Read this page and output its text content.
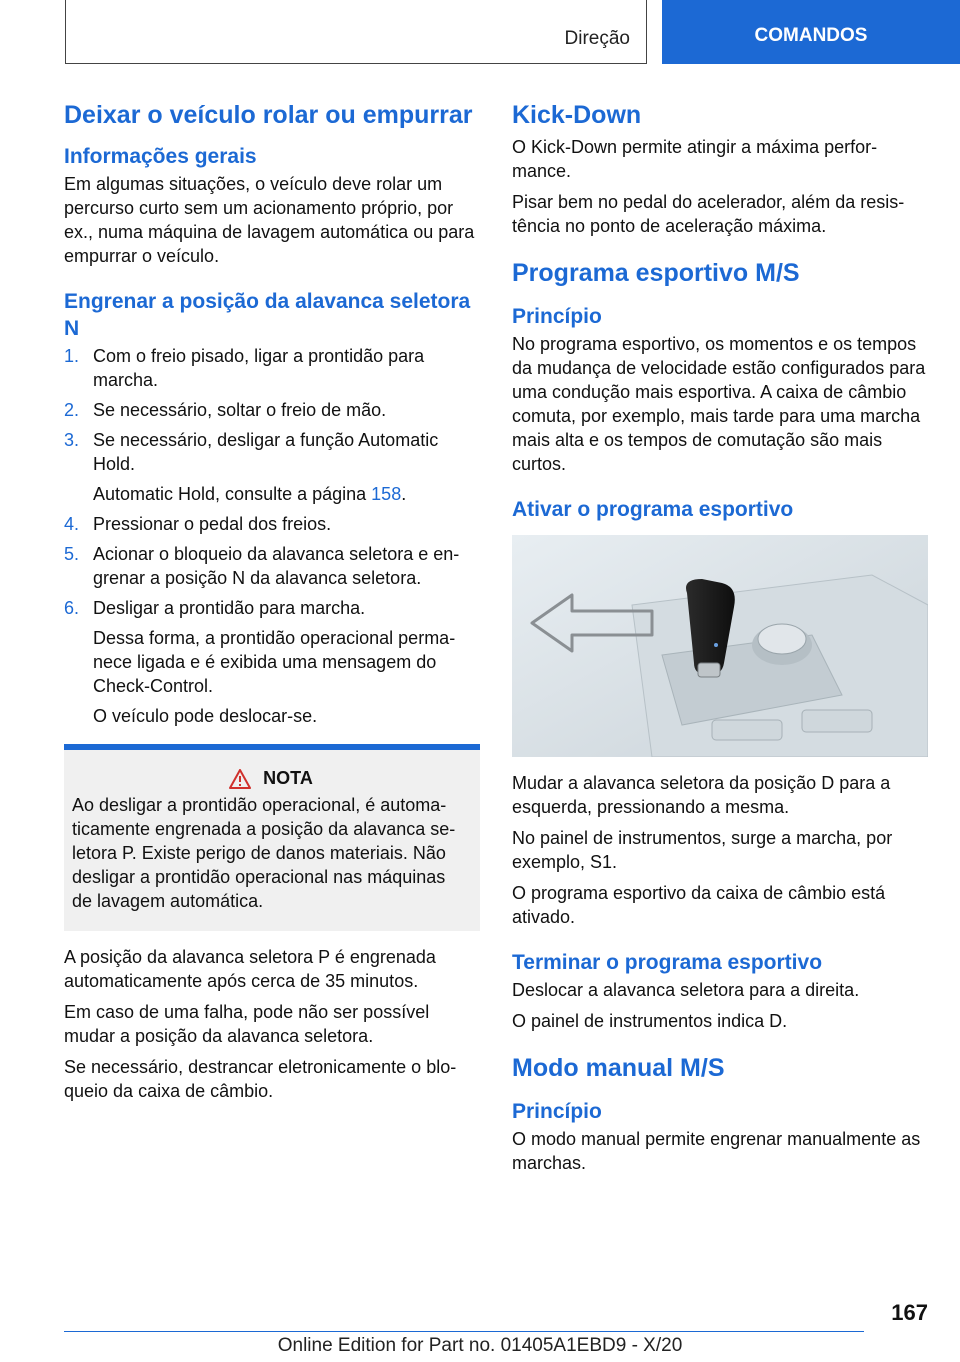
Direção	COMANDOS
Deixar o veículo rolar ou empurrar
Informações gerais

Em algumas situações, o veículo deve rolar um percurso curto sem um acionamento próprio, por ex., numa máquina de lavagem automática ou para empurrar o veículo.

Engrenar a posição da alavanca seletora N
1. Com o freio pisado, ligar a prontidão para marcha.
2. Se necessário, soltar o freio de mão.
3. Se necessário, desligar a função Automatic Hold.
Automatic Hold, consulte a página 158.
4. Pressionar o pedal dos freios.
5. Acionar o bloqueio da alavanca seletora e engrenar a posição N da alavanca seletora.
6. Desligar a prontidão para marcha.
Dessa forma, a prontidão operacional permanece ligada e é exibida uma mensagem do Check-Control.
O veículo pode deslocar-se.
NOTA

Ao desligar a prontidão operacional, é automaticamente engrenada a posição da alavanca seletora P. Existe perigo de danos materiais. Não desligar a prontidão operacional nas máquinas de lavagem automática.

A posição da alavanca seletora P é engrenada automaticamente após cerca de 35 minutos.

Em caso de uma falha, pode não ser possível mudar a posição da alavanca seletora.

Se necessário, destrancar eletronicamente o bloqueio da caixa de câmbio.

Kick-Down

O Kick-Down permite atingir a máxima performance.

Pisar bem no pedal do acelerador, além da resistência no ponto de aceleração máxima.

Programa esportivo M/S
Princípio

No programa esportivo, os momentos e os tempos da mudança de velocidade estão configurados para uma condução mais esportiva. A caixa de câmbio comuta, por exemplo, mais tarde para uma marcha mais alta e os tempos de comutação são mais curtos.

Ativar o programa esportivo

Mudar a alavanca seletora da posição D para a esquerda, pressionando a mesma.

No painel de instrumentos, surge a marcha, por exemplo, S1.

O programa esportivo da caixa de câmbio está ativado.

Terminar o programa esportivo

Deslocar a alavanca seletora para a direita.

O painel de instrumentos indica D.

Modo manual M/S
Princípio

O modo manual permite engrenar manualmente as marchas.

167
Online Edition for Part no. 01405A1EBD9 - X/20
